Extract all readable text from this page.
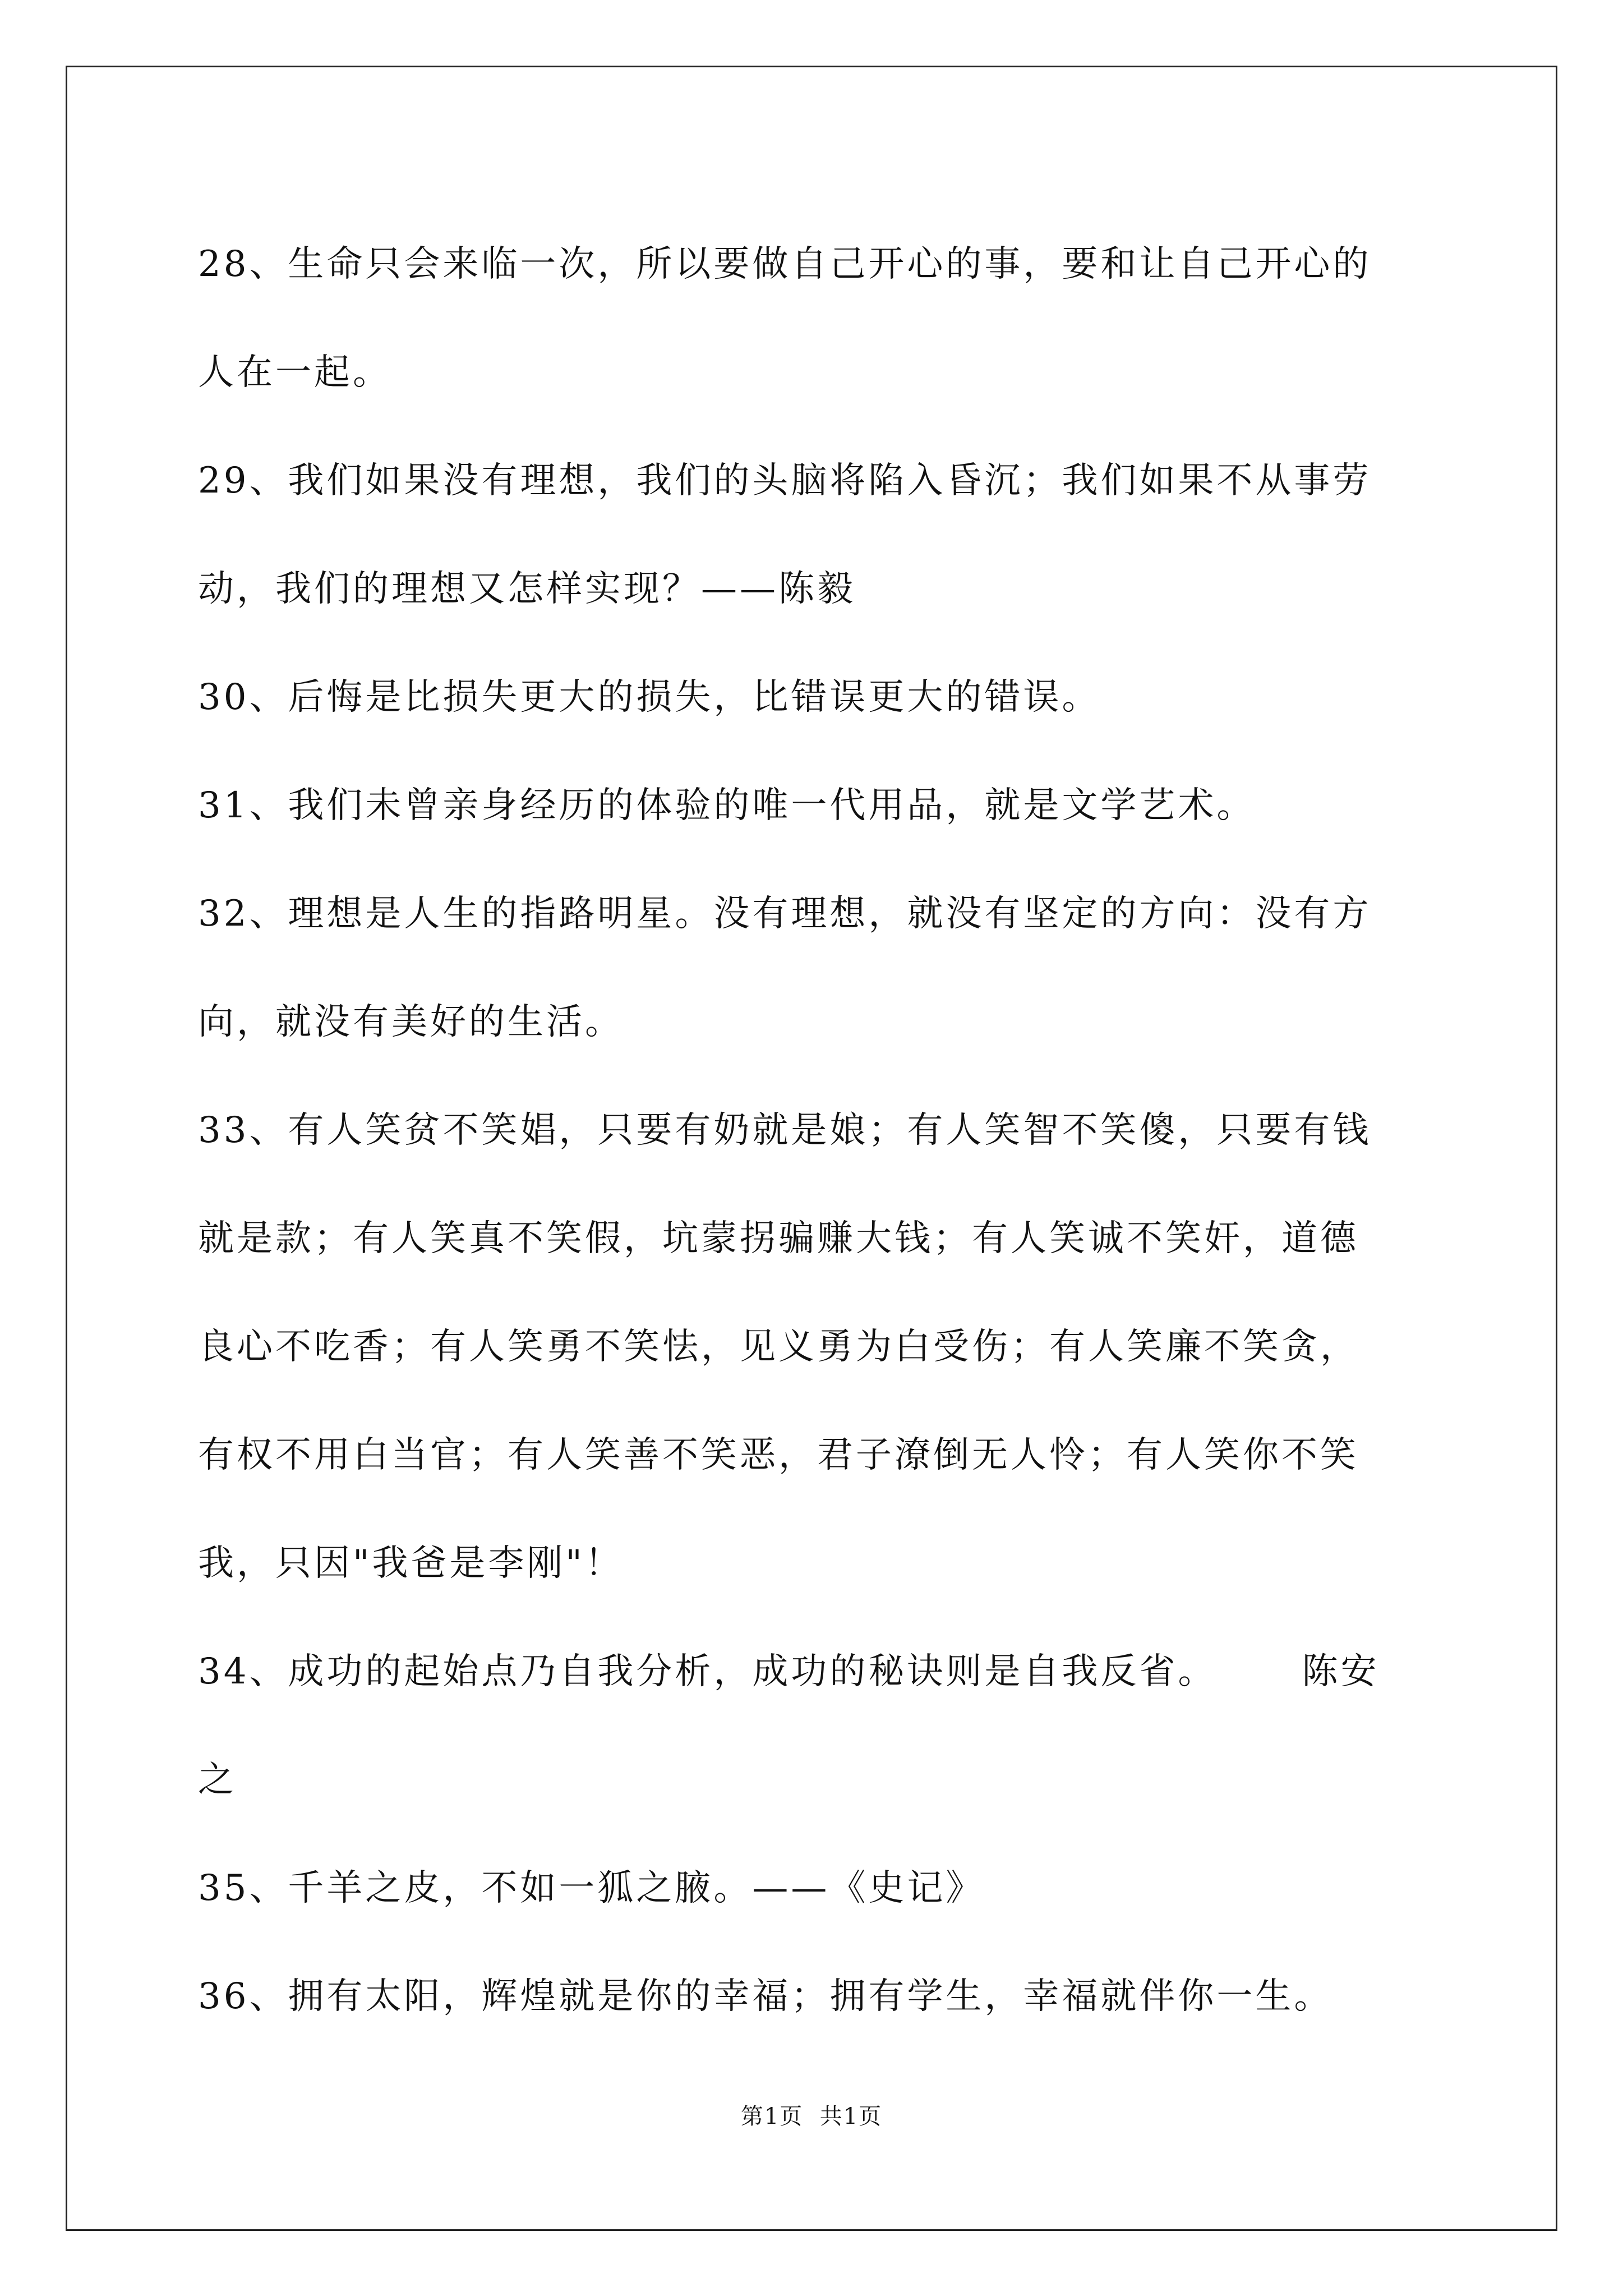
28、生命只会来临一次，所以要做自己开心的事，要和让自己开心的
人在一起。
29、我们如果没有理想，我们的头脑将陷入昏沉；我们如果不从事劳
动，我们的理想又怎样实现？——陈毅
30、后悔是比损失更大的损失，比错误更大的错误。
31、我们未曾亲身经历的体验的唯一代用品，就是文学艺术。
32、理想是人生的指路明星。没有理想，就没有坚定的方向：没有方
向，就没有美好的生活。
33、有人笑贫不笑娼，只要有奶就是娘；有人笑智不笑傻，只要有钱
就是款；有人笑真不笑假，坑蒙拐骗赚大钱；有人笑诚不笑奸，道德
良心不吃香；有人笑勇不笑怯，见义勇为白受伤；有人笑廉不笑贪，
有权不用白当官；有人笑善不笑恶，君子潦倒无人怜；有人笑你不笑
我，只因"我爸是李刚"！
34、成功的起始点乃自我分析，成功的秘诀则是自我反省。      陈安
之
35、千羊之皮，不如一狐之腋。——《史记》
36、拥有太阳，辉煌就是你的幸福；拥有学生，幸福就伴你一生。
第1页  共1页
